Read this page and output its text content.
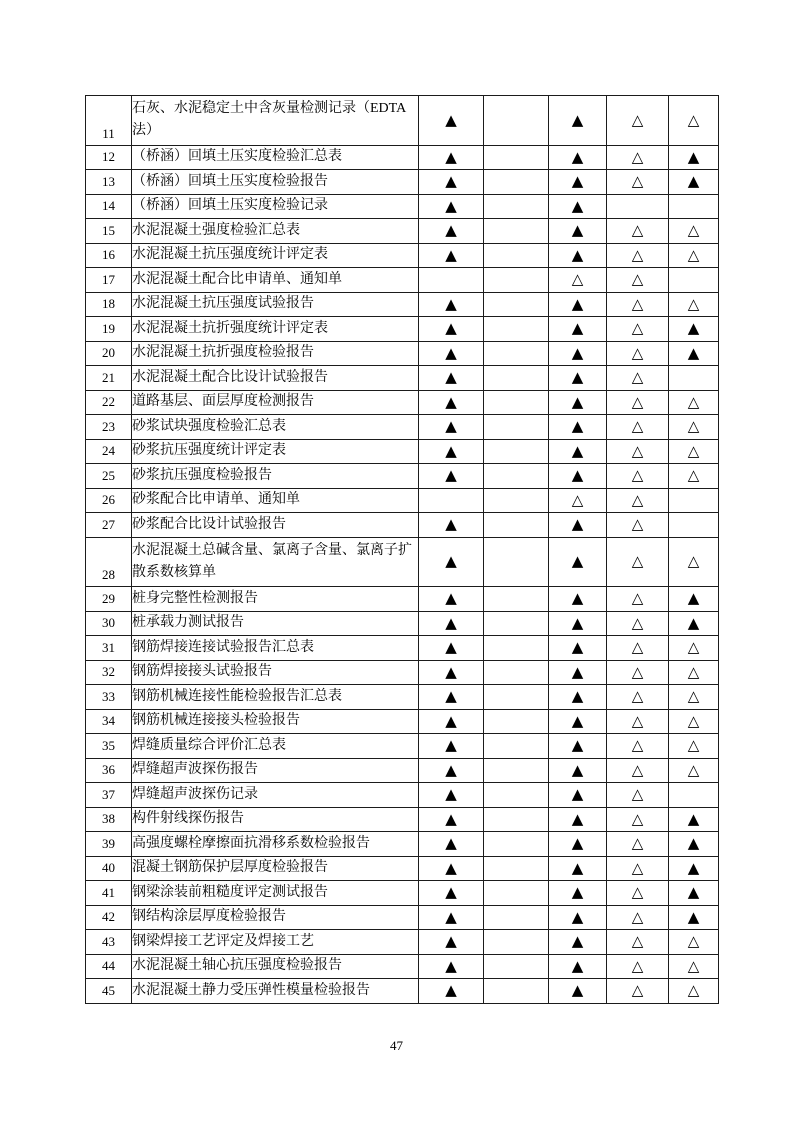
11	石灰、水泥稳定土中含灰量检测记录（EDTA 法）	▲		▲	△	△
12	（桥涵）回填土压实度检验汇总表	▲		▲	△	▲
13	（桥涵）回填土压实度检验报告	▲		▲	△	▲
14	（桥涵）回填土压实度检验记录	▲		▲		
15	水泥混凝土强度检验汇总表	▲		▲	△	△
16	水泥混凝土抗压强度统计评定表	▲		▲	△	△
17	水泥混凝土配合比申请单、通知单			△	△	
18	水泥混凝土抗压强度试验报告	▲		▲	△	△
19	水泥混凝土抗折强度统计评定表	▲		▲	△	▲
20	水泥混凝土抗折强度检验报告	▲		▲	△	▲
21	水泥混凝土配合比设计试验报告	▲		▲	△	
22	道路基层、面层厚度检测报告	▲		▲	△	△
23	砂浆试块强度检验汇总表	▲		▲	△	△
24	砂浆抗压强度统计评定表	▲		▲	△	△
25	砂浆抗压强度检验报告	▲		▲	△	△
26	砂浆配合比申请单、通知单			△	△	
27	砂浆配合比设计试验报告	▲		▲	△	
28	水泥混凝土总碱含量、氯离子含量、氯离子扩散系数核算单	▲		▲	△	△
29	桩身完整性检测报告	▲		▲	△	▲
30	桩承载力测试报告	▲		▲	△	▲
31	钢筋焊接连接试验报告汇总表	▲		▲	△	△
32	钢筋焊接接头试验报告	▲		▲	△	△
33	钢筋机械连接性能检验报告汇总表	▲		▲	△	△
34	钢筋机械连接接头检验报告	▲		▲	△	△
35	焊缝质量综合评价汇总表	▲		▲	△	△
36	焊缝超声波探伤报告	▲		▲	△	△
37	焊缝超声波探伤记录	▲		▲	△	
38	构件射线探伤报告	▲		▲	△	▲
39	高强度螺栓摩擦面抗滑移系数检验报告	▲		▲	△	▲
40	混凝土钢筋保护层厚度检验报告	▲		▲	△	▲
41	钢梁涂装前粗糙度评定测试报告	▲		▲	△	▲
42	钢结构涂层厚度检验报告	▲		▲	△	▲
43	钢梁焊接工艺评定及焊接工艺	▲		▲	△	△
44	水泥混凝土轴心抗压强度检验报告	▲		▲	△	△
45	水泥混凝土静力受压弹性模量检验报告	▲		▲	△	△
47
